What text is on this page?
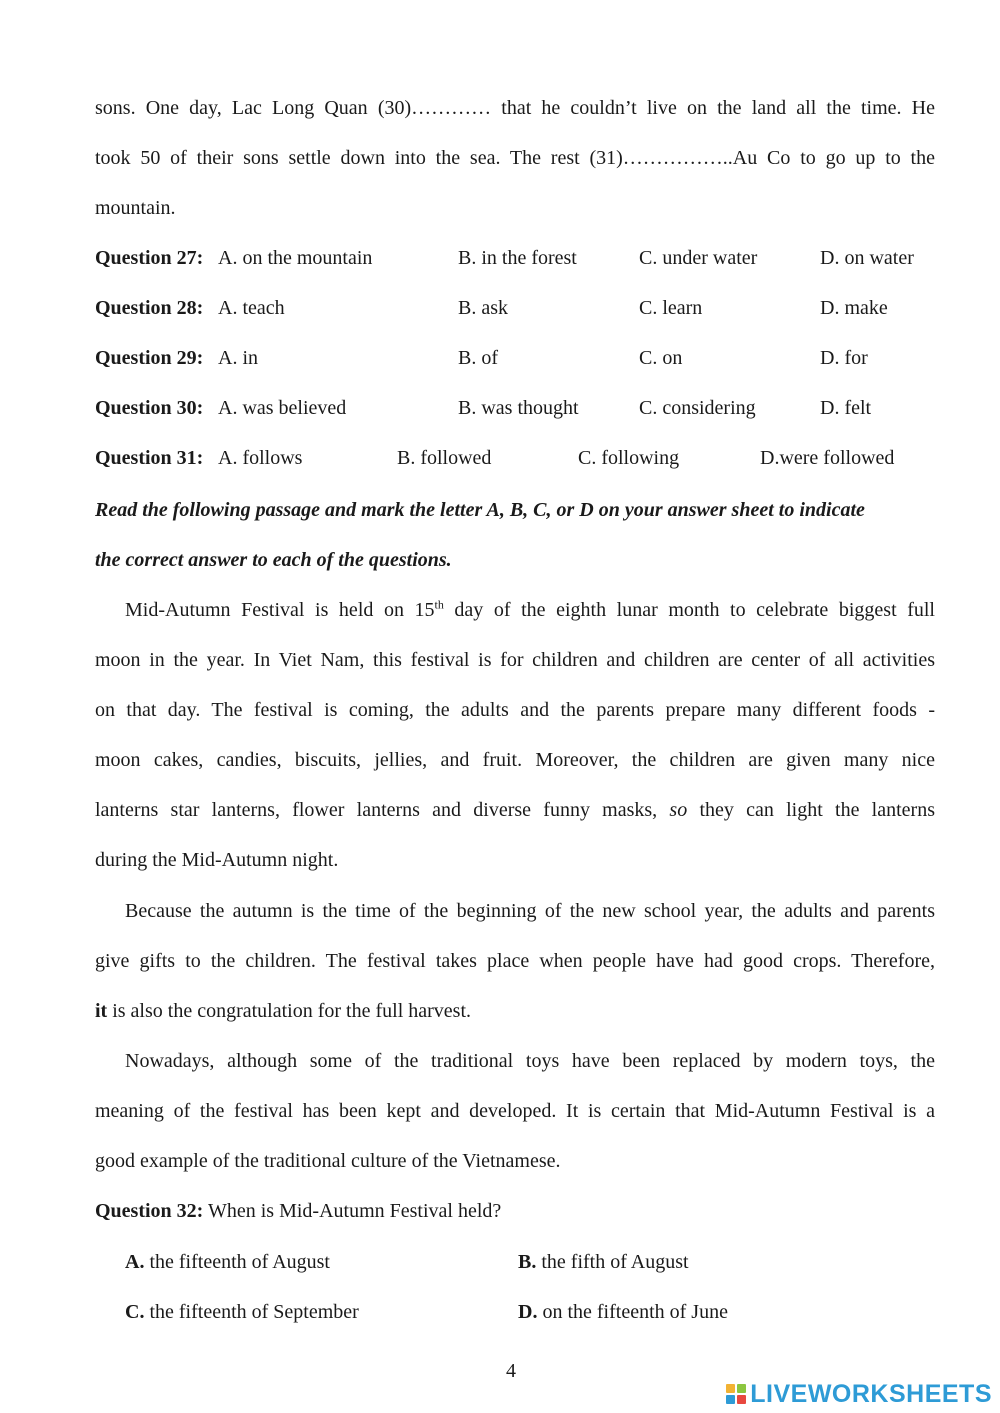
sons. One day, Lac Long Quan (30)………… that he couldn’t live on the land all the time. He
took 50 of their sons settle down into the sea. The rest (31)……………..Au Co to go up to the
mountain.
Question 27: A. on the mountain	B. in the forest	C. under water	D. on water
Question 28: A. teach	B. ask	C. learn	D. make
Question 29: A. in	B. of	C. on	D. for
Question 30: A. was believed	B. was thought	C. considering	D. felt
Question 31: A. follows	B. followed	C. following	D.were followed
Read the following passage and mark the letter A, B, C, or D on your answer sheet to indicate
the correct answer to each of the questions.
Mid-Autumn Festival is held on 15th day of the eighth lunar month to celebrate biggest full
moon in the year. In Viet Nam, this festival is for children and children are center of all activities
on that day. The festival is coming, the adults and the parents prepare many different foods -
moon cakes, candies, biscuits, jellies, and fruit. Moreover, the children are given many nice
lanterns star lanterns, flower lanterns and diverse funny masks, so they can light the lanterns
during the Mid-Autumn night.
Because the autumn is the time of the beginning of the new school year, the adults and parents
give gifts to the children. The festival takes place when people have had good crops. Therefore,
it is also the congratulation for the full harvest.
Nowadays, although some of the traditional toys have been replaced by modern toys, the
meaning of the festival has been kept and developed. It is certain that Mid-Autumn Festival is a
good example of the traditional culture of the Vietnamese.
Question 32: When is Mid-Autumn Festival held?
A. the fifteenth of August	B. the fifth of August
C. the fifteenth of September	D. on the fifteenth of June
4
LIVEWORKSHEETS
